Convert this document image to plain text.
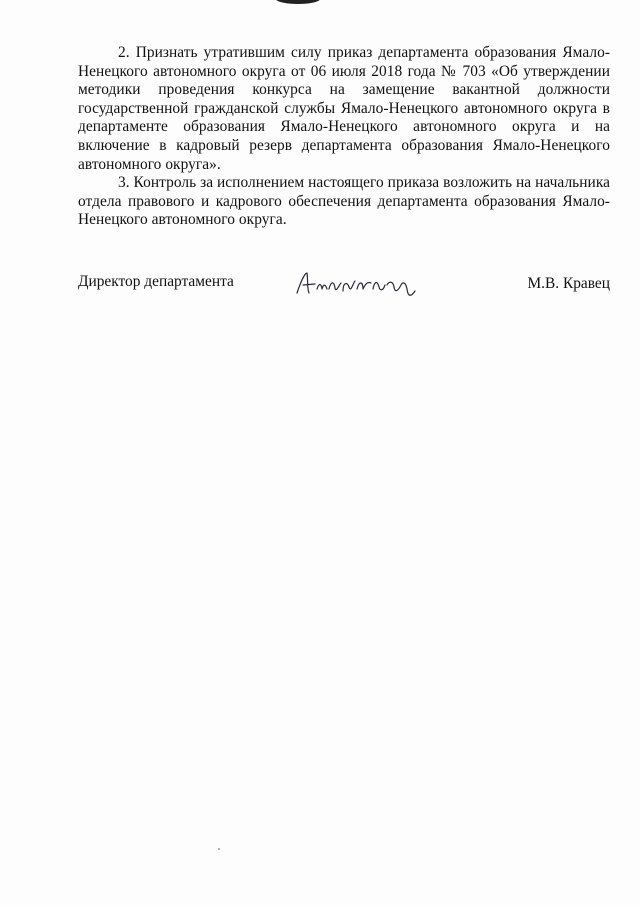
2. Признать утратившим силу приказ департамента образования Ямало-Ненецкого автономного округа от 06 июля 2018 года № 703 «Об утверждении методики проведения конкурса на замещение вакантной должности государственной гражданской службы Ямало-Ненецкого автономного округа в департаменте образования Ямало-Ненецкого автономного округа и на включение в кадровый резерв департамента образования Ямало-Ненецкого автономного округа».

3. Контроль за исполнением настоящего приказа возложить на начальника отдела правового и кадрового обеспечения департамента образования Ямало-Ненецкого автономного округа.

Директор департамента	М.В. Кравец
